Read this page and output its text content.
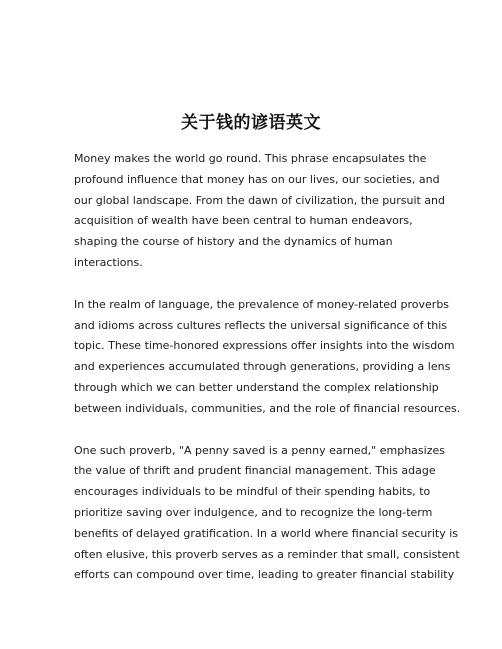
关于钱的谚语英文

Money makes the world go round. This phrase encapsulates the
profound influence that money has on our lives, our societies, and
our global landscape. From the dawn of civilization, the pursuit and
acquisition of wealth have been central to human endeavors,
shaping the course of history and the dynamics of human
interactions.

In the realm of language, the prevalence of money-related proverbs
and idioms across cultures reflects the universal significance of this
topic. These time-honored expressions offer insights into the wisdom
and experiences accumulated through generations, providing a lens
through which we can better understand the complex relationship
between individuals, communities, and the role of financial resources.

One such proverb, "A penny saved is a penny earned," emphasizes
the value of thrift and prudent financial management. This adage
encourages individuals to be mindful of their spending habits, to
prioritize saving over indulgence, and to recognize the long-term
benefits of delayed gratification. In a world where financial security is
often elusive, this proverb serves as a reminder that small, consistent
efforts can compound over time, leading to greater financial stability
